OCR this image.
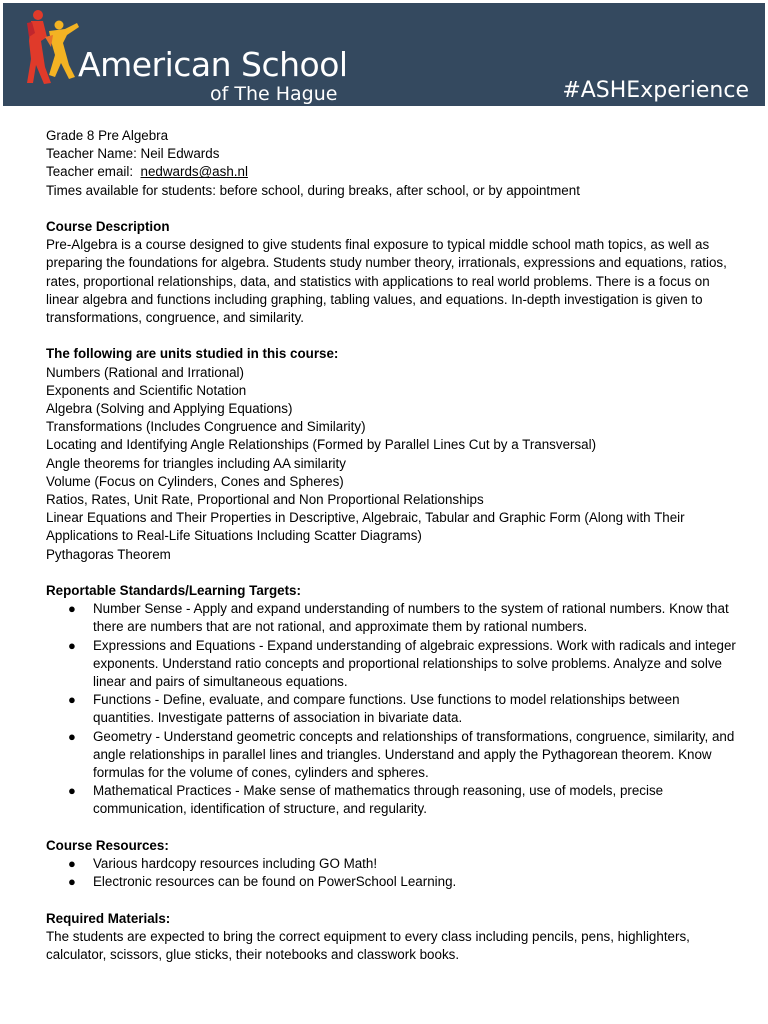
American School
of The Hague	#ASHExperience

Grade 8 Pre Algebra

Teacher Name: Neil Edwards

Teacher email:  nedwards@ash.nl

Times available for students: before school, during breaks, after school, or by appointment

Course Description

Pre-Algebra is a course designed to give students final exposure to typical middle school math topics, as well as preparing the foundations for algebra. Students study number theory, irrationals, expressions and equations, ratios, rates, proportional relationships, data, and statistics with applications to real world problems. There is a focus on linear algebra and functions including graphing, tabling values, and equations. In-depth investigation is given to transformations, congruence, and similarity.

The following are units studied in this course:

Numbers (Rational and Irrational)

Exponents and Scientific Notation

Algebra (Solving and Applying Equations)

Transformations (Includes Congruence and Similarity)

Locating and Identifying Angle Relationships (Formed by Parallel Lines Cut by a Transversal)

Angle theorems for triangles including AA similarity

Volume (Focus on Cylinders, Cones and Spheres)

Ratios, Rates, Unit Rate, Proportional and Non Proportional Relationships

Linear Equations and Their Properties in Descriptive, Algebraic, Tabular and Graphic Form (Along with Their Applications to Real-Life Situations Including Scatter Diagrams)

Pythagoras Theorem

Reportable Standards/Learning Targets:

● Number Sense - Apply and expand understanding of numbers to the system of rational numbers. Know that there are numbers that are not rational, and approximate them by rational numbers.
● Expressions and Equations - Expand understanding of algebraic expressions. Work with radicals and integer exponents. Understand ratio concepts and proportional relationships to solve problems. Analyze and solve linear and pairs of simultaneous equations.
● Functions - Define, evaluate, and compare functions. Use functions to model relationships between quantities. Investigate patterns of association in bivariate data.
● Geometry - Understand geometric concepts and relationships of transformations, congruence, similarity, and angle relationships in parallel lines and triangles. Understand and apply the Pythagorean theorem. Know formulas for the volume of cones, cylinders and spheres.
● Mathematical Practices - Make sense of mathematics through reasoning, use of models, precise communication, identification of structure, and regularity.

Course Resources:

● Various hardcopy resources including GO Math!
● Electronic resources can be found on PowerSchool Learning.

Required Materials:

The students are expected to bring the correct equipment to every class including pencils, pens, highlighters, calculator, scissors, glue sticks, their notebooks and classwork books.
